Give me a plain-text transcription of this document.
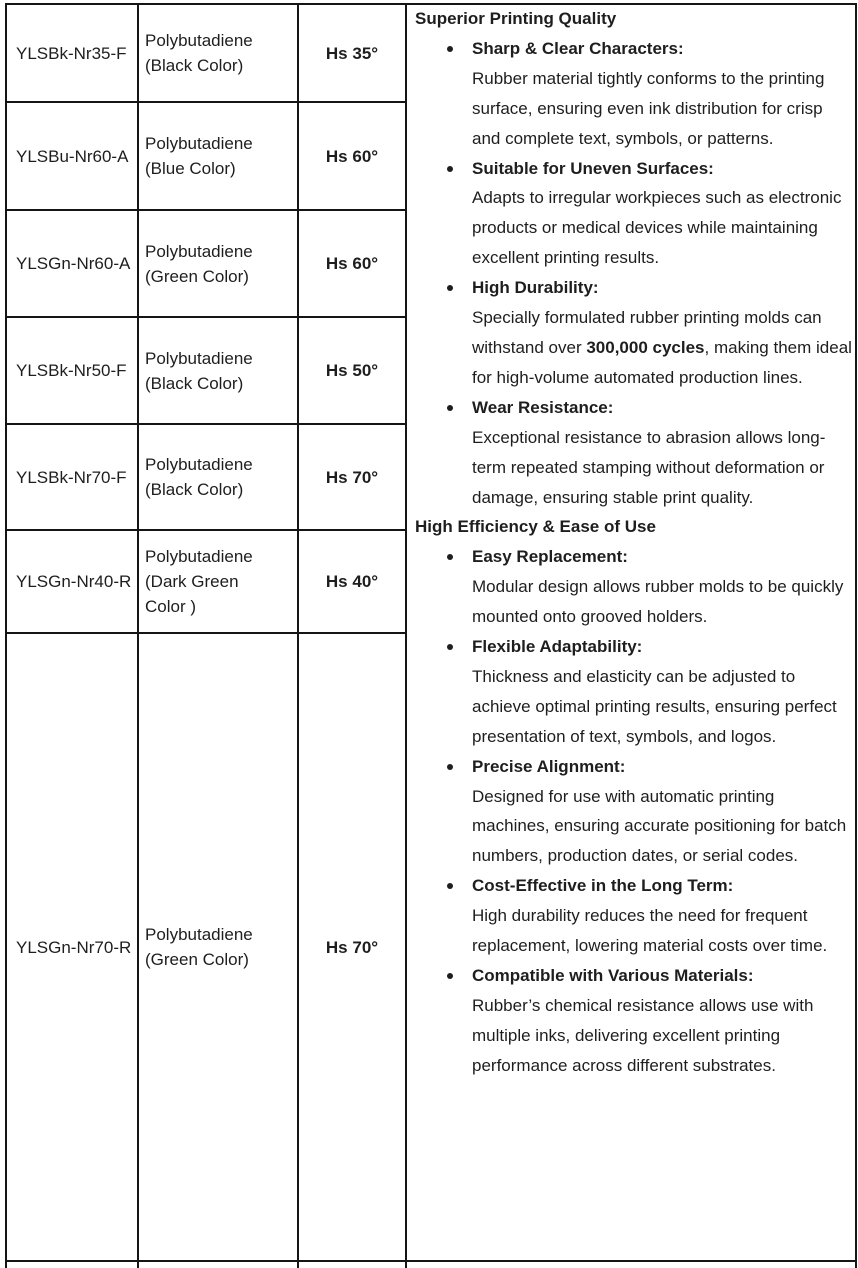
Superior Printing Quality
Sharp & Clear Characters:
Rubber material tightly conforms to the printing surface, ensuring even ink distribution for crisp and complete text, symbols, or patterns.
Suitable for Uneven Surfaces:
Adapts to irregular workpieces such as electronic products or medical devices while maintaining excellent printing results.
High Durability:
Specially formulated rubber printing molds can withstand over 300,000 cycles, making them ideal for high-volume automated production lines.
Wear Resistance:
Exceptional resistance to abrasion allows long-term repeated stamping without deformation or damage, ensuring stable print quality.
High Efficiency & Ease of Use
Easy Replacement:
Modular design allows rubber molds to be quickly mounted onto grooved holders.
Flexible Adaptability:
Thickness and elasticity can be adjusted to achieve optimal printing results, ensuring perfect presentation of text, symbols, and logos.
Precise Alignment:
Designed for use with automatic printing machines, ensuring accurate positioning for batch numbers, production dates, or serial codes.
Cost-Effective in the Long Term:
High durability reduces the need for frequent replacement, lowering material costs over time.
Compatible with Various Materials:
Rubber’s chemical resistance allows use with multiple inks, delivering excellent printing performance across different substrates.
YLSBk-Nr35-F
Polybutadiene (Black Color)
Hs 35°
YLSBu-Nr60-A
Polybutadiene (Blue Color)
Hs 60°
YLSGn-Nr60-A
Polybutadiene (Green Color)
Hs 60°
YLSBk-Nr50-F
Polybutadiene (Black Color)
Hs 50°
YLSBk-Nr70-F
Polybutadiene (Black Color)
Hs 70°
YLSGn-Nr40-R
Polybutadiene (Dark Green Color )
Hs 40°
YLSGn-Nr70-R
Polybutadiene (Green Color)
Hs 70°
